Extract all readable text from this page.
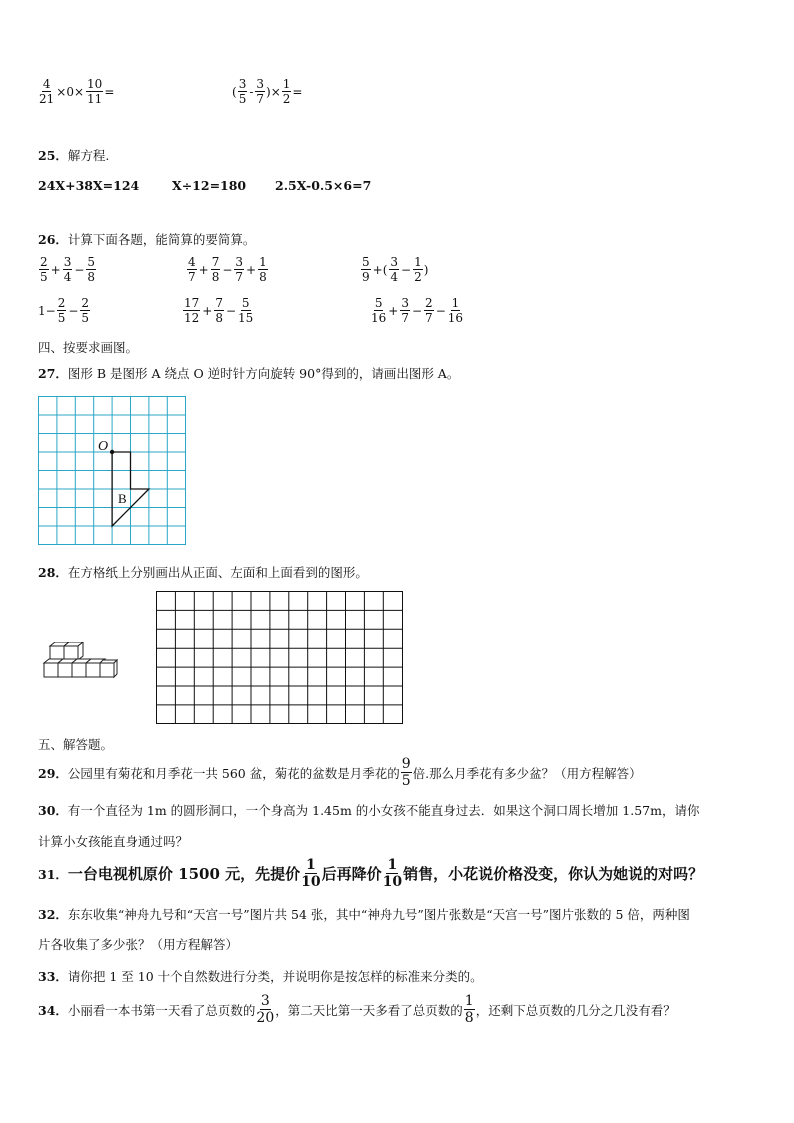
$\frac{4}{21} \times 0\times \frac{10}{11}$ =	( $\frac{3}{5} - \frac{3}{7}$ )× $\frac{1}{2}$ =
25．解方程.
24X+38X=124	X÷12=180 2.5X-0.5×6=7
26．计算下面各题，能简算的要简算。
$\frac{2}{5} + \frac{3}{4} - \frac{5}{8}$	$\frac{4}{7} + \frac{7}{8} - \frac{3}{7} + \frac{1}{8}$	$\frac{5}{9}$ +( $\frac{3}{4} - \frac{1}{2}$ )
$1- \frac{2}{5} - \frac{2}{5}$	$\frac{17}{12} + \frac{7}{8} - \frac{5}{15}$	$\frac{5}{16} + \frac{3}{7} - \frac{2}{7} - \frac{1}{16}$
四、按要求画图。
27．图形 B 是图形 A 绕点 O 逆时针方向旋转 90°得到的，请画出图形 A。
O
B
28．在方格纸上分别画出从正面、左面和上面看到的图形。
五、解答题。
29． 公园里有菊花和月季花一共 560 盆，菊花的盆数是月季花的 $\frac{9}{5}$ 倍.那么月季花有多少盆？（用方程解答）
30．有一个直径为 1m 的圆形洞口，一个身高为 1.45m 的小女孩不能直身过去．如果这个洞口周长增加 1.57m，请你
计算小女孩能直身通过吗？
31． 一台电视机原价 1500 元，先提价 $\frac{1}{10}$ 后再降价 $\frac{1}{10}$ 销售，小花说价格没变，你认为她说的对吗？
32．东东收集“神舟九号和“天宫一号”图片共 54 张，其中“神舟九号”图片张数是“天宫一号”图片张数的 5 倍，两种图
片各收集了多少张？（用方程解答）
33．请你把 1 至 10 十个自然数进行分类，并说明你是按怎样的标准来分类的。
34． 小丽看一本书第一天看了总页数的 $\frac{3}{20}$ ，第二天比第一天多看了总页数的 $\frac{1}{8}$ ，还剩下总页数的几分之几没有看？
